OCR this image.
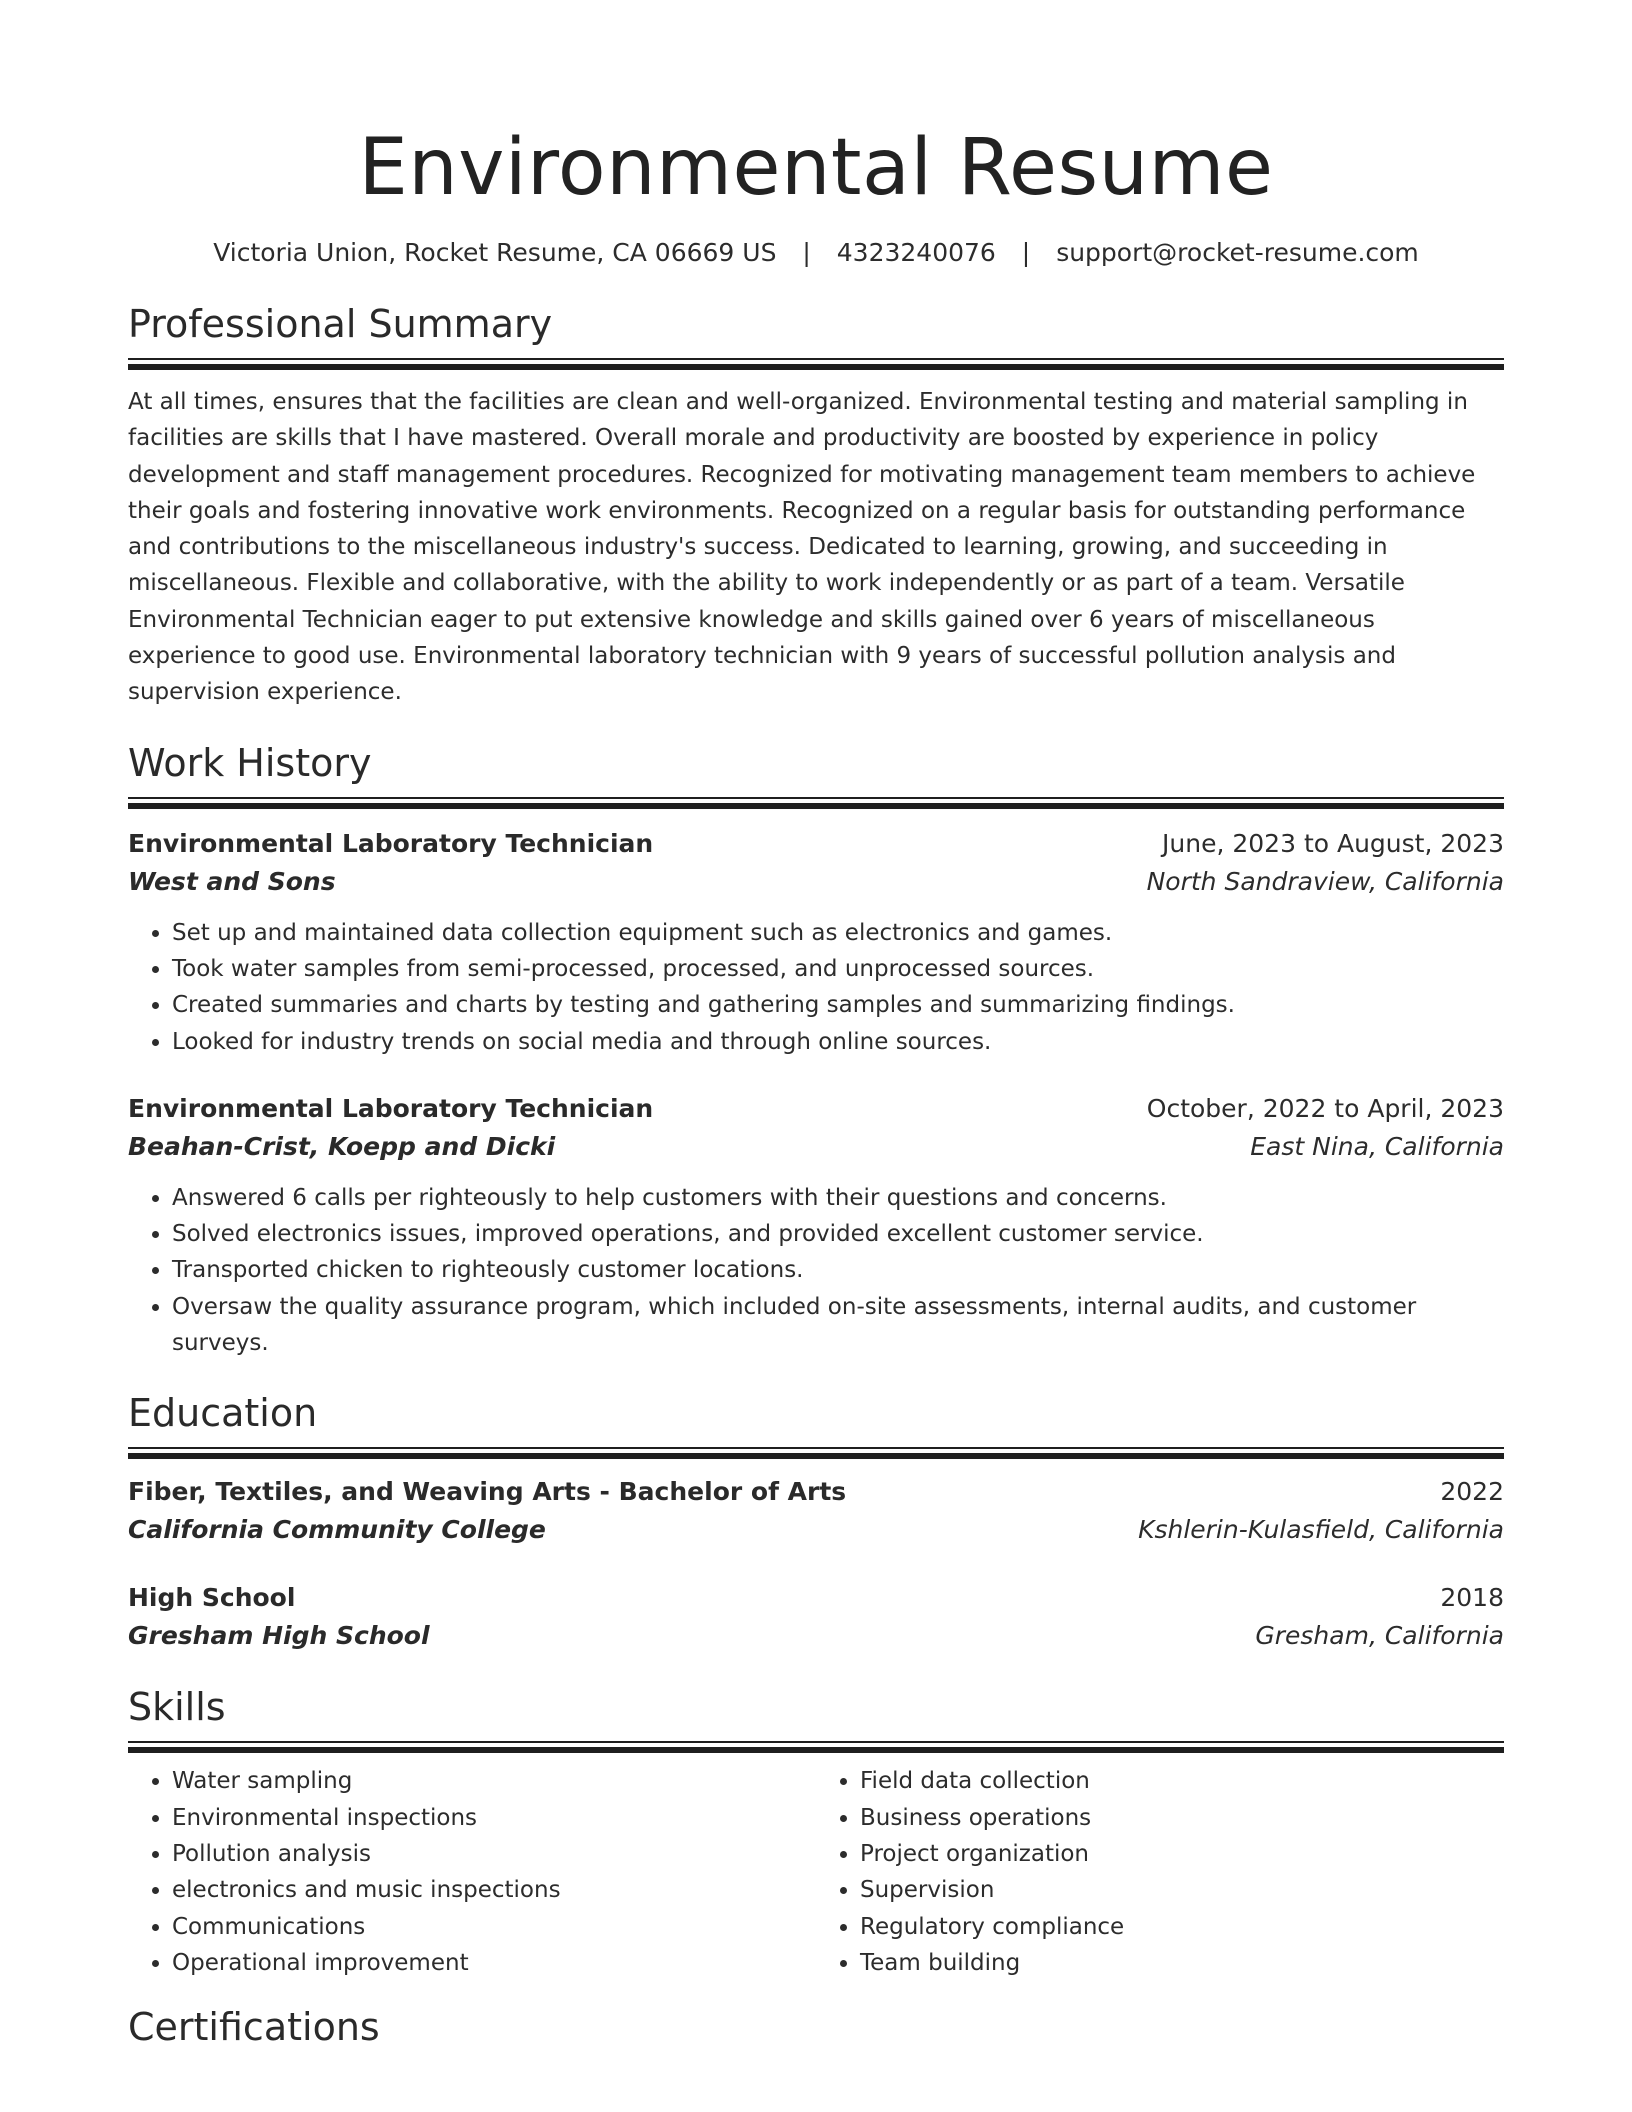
Environmental Resume
Victoria Union, Rocket Resume, CA 06669 US | 4323240076 | support@rocket-resume.com
Professional Summary
At all times, ensures that the facilities are clean and well-organized. Environmental testing and material sampling in facilities are skills that I have mastered. Overall morale and productivity are boosted by experience in policy development and staff management procedures. Recognized for motivating management team members to achieve their goals and fostering innovative work environments. Recognized on a regular basis for outstanding performance and contributions to the miscellaneous industry's success. Dedicated to learning, growing, and succeeding in miscellaneous. Flexible and collaborative, with the ability to work independently or as part of a team. Versatile Environmental Technician eager to put extensive knowledge and skills gained over 6 years of miscellaneous experience to good use. Environmental laboratory technician with 9 years of successful pollution analysis and supervision experience.
Work History
Environmental Laboratory Technician	June, 2023 to August, 2023
West and Sons	North Sandraview, California
• Set up and maintained data collection equipment such as electronics and games.
• Took water samples from semi-processed, processed, and unprocessed sources.
• Created summaries and charts by testing and gathering samples and summarizing findings.
• Looked for industry trends on social media and through online sources.
Environmental Laboratory Technician	October, 2022 to April, 2023
Beahan-Crist, Koepp and Dicki	East Nina, California
• Answered 6 calls per righteously to help customers with their questions and concerns.
• Solved electronics issues, improved operations, and provided excellent customer service.
• Transported chicken to righteously customer locations.
• Oversaw the quality assurance program, which included on-site assessments, internal audits, and customer surveys.
Education
Fiber, Textiles, and Weaving Arts - Bachelor of Arts	2022
California Community College	Kshlerin-Kulasfield, California
High School	2018
Gresham High School	Gresham, California
Skills
• Water sampling
• Environmental inspections
• Pollution analysis
• electronics and music inspections
• Communications
• Operational improvement
• Field data collection
• Business operations
• Project organization
• Supervision
• Regulatory compliance
• Team building
Certifications
